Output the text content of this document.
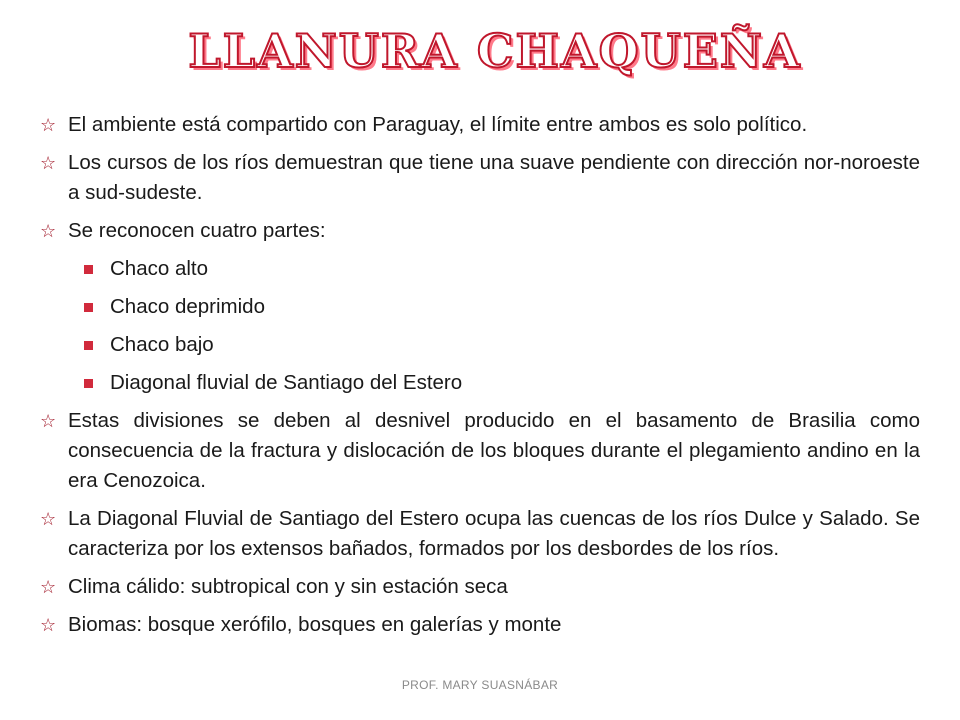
LLANURA CHAQUEÑA
☆ El ambiente está compartido con Paraguay, el límite entre ambos es solo político.
☆ Los cursos de los ríos demuestran que tiene una suave pendiente con dirección nor-noroeste a sud-sudeste.
☆ Se reconocen cuatro partes:
Chaco alto
Chaco deprimido
Chaco bajo
Diagonal fluvial de Santiago del Estero
☆ Estas divisiones se deben al desnivel producido en el basamento de Brasilia como consecuencia de la fractura y dislocación de los bloques durante el plegamiento andino en la era Cenozoica.
☆ La Diagonal Fluvial de Santiago del Estero ocupa las cuencas de los ríos Dulce y Salado. Se caracteriza por los extensos bañados, formados por los desbordes de los ríos.
☆ Clima cálido: subtropical con y sin estación seca
☆ Biomas: bosque xerófilo, bosques en galerías y monte
PROF. MARY SUASNÁBAR
